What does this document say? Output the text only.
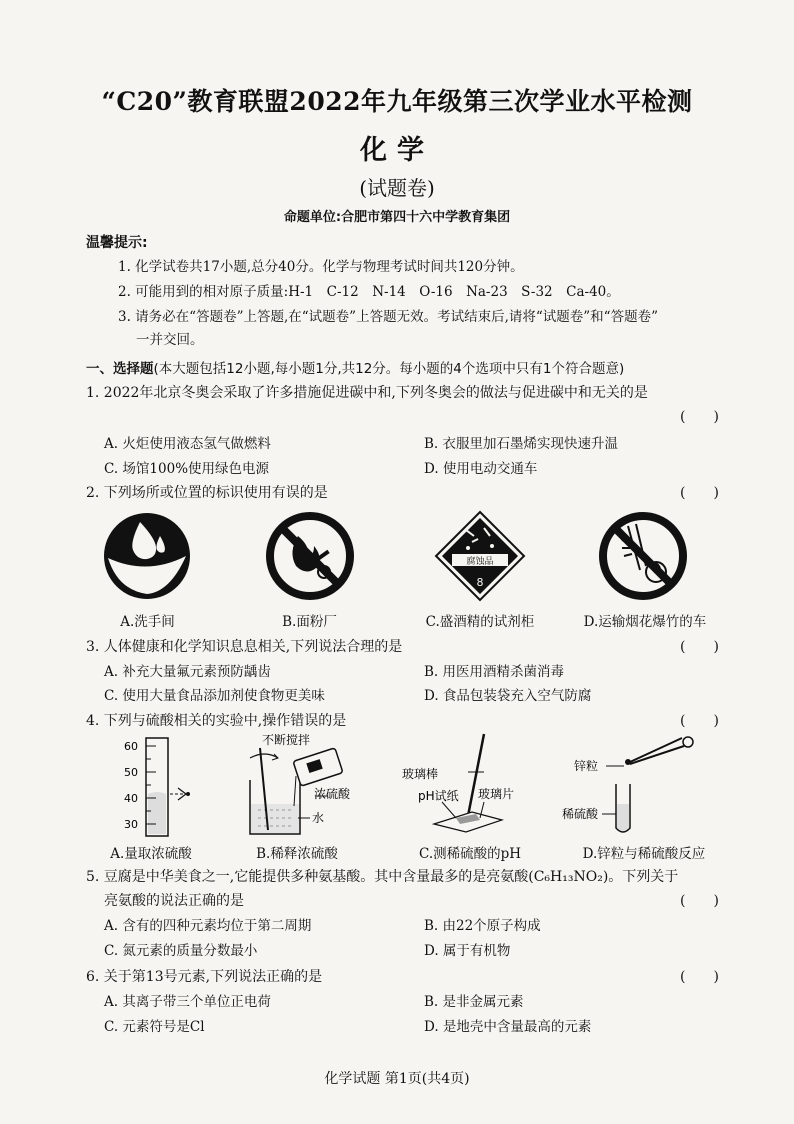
“C20”教育联盟2022年九年级第三次学业水平检测
化学
(试题卷)
命题单位:合肥市第四十六中学教育集团
温馨提示:
1. 化学试卷共17小题,总分40分。化学与物理考试时间共120分钟。
2. 可能用到的相对原子质量:H-1　C-12　N-14　O-16　Na-23　S-32　Ca-40。
3. 请务必在“答题卷”上答题,在“试题卷”上答题无效。考试结束后,请将“试题卷”和“答题卷”
一并交回。
一、选择题(本大题包括12小题,每小题1分,共12分。每小题的4个选项中只有1个符合题意)
1. 2022年北京冬奥会采取了许多措施促进碳中和,下列冬奥会的做法与促进碳中和无关的是
(　　)
A. 火炬使用液态氢气做燃料	B. 衣服里加石墨烯实现快速升温
C. 场馆100%使用绿色电源	D. 使用电动交通车
2. 下列场所或位置的标识使用有误的是	(　　)
腐蚀品
8
A.洗手间	B.面粉厂	C.盛酒精的试剂柜	D.运输烟花爆竹的车
3. 人体健康和化学知识息息相关,下列说法合理的是	(　　)
A. 补充大量氟元素预防龋齿	B. 用医用酒精杀菌消毒
C. 使用大量食品添加剂使食物更美味	D. 食品包装袋充入空气防腐
4. 下列与硫酸相关的实验中,操作错误的是	(　　)
60
50
40
30
不断搅拌
浓硫酸
水
玻璃棒
pH试纸 玻璃片
锌粒
稀硫酸
A.量取浓硫酸	B.稀释浓硫酸	C.测稀硫酸的pH	D.锌粒与稀硫酸反应
5. 豆腐是中华美食之一,它能提供多种氨基酸。其中含量最多的是亮氨酸(C₆H₁₃NO₂)。下列关于
亮氨酸的说法正确的是	(　　)
A. 含有的四种元素均位于第二周期	B. 由22个原子构成
C. 氮元素的质量分数最小	D. 属于有机物
6. 关于第13号元素,下列说法正确的是	(　　)
A. 其离子带三个单位正电荷	B. 是非金属元素
C. 元素符号是Cl	D. 是地壳中含量最高的元素
化学试题 第1页(共4页)
